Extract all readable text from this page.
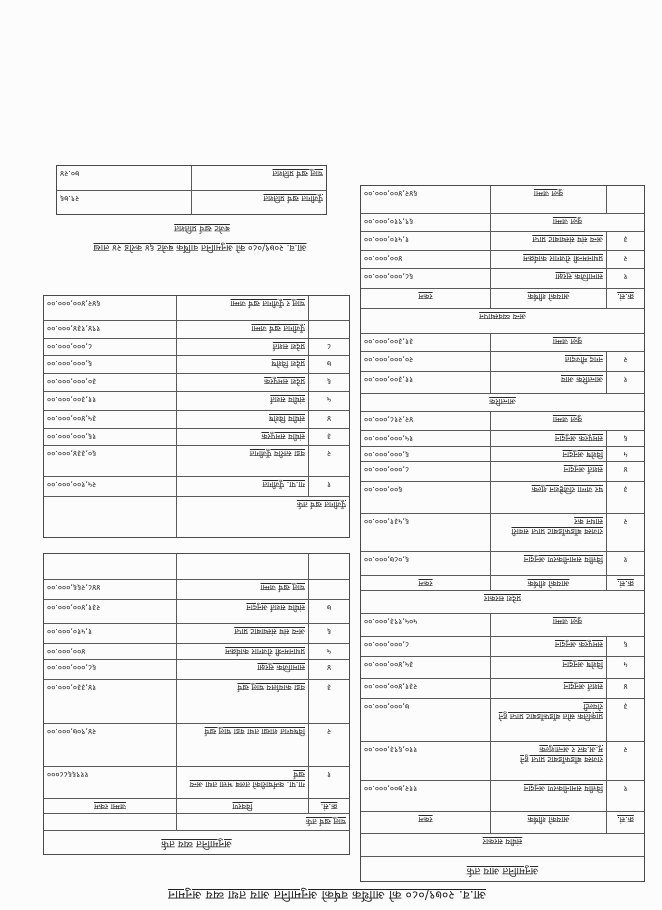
आ.व. २०७९/०८० को आर्थिक वर्षको अनुमानित आय तथा व्यय अनुमान
अनुमानित आय तर्फ
संघीय सरकार
क्र.सं.
आयको शीर्षक
रकम
१
वित्तीय समानीकरण अनुदान
११२,७००,०००.००
२
राजस्व बाँडफाँडबाट प्राप्त हुने मू.अ.कर र अन्तःशुल्क
११०,६९३,०००.००
३
प्राकृतिक स्रोत बाँडफाँडबाट प्राप्त हुने रोयल्टी
७,०००,०००.००
४
सशर्त अनुदान
२३१,४००,०००.००
५
विशेष अनुदान
३५,४००,०००.००
६
समपूरक अनुदान
८,०००,०००.००
कुल जम्मा
५०५,१९३,०००.००
प्रदेश सरकार
क्र.सं.
आयको शीर्षक
रकम
१
वित्तीय समानीकरण अनुदान
६,०८७,०००.००
२
राजस्व बाँडफाँडबाट प्राप्त सवारी साधन कर
६,५३१,०००.००
३
घर जग्गा रजिष्ट्रेशन शुल्क
६००,०००.००
४
सशर्त अनुदान
८,०००,०००.००
५
विशेष अनुदान
६,०००,०००.००
६
समपूरक अनुदान
१५,०००,०००.००
कुल जम्मा
४२,२१८,०००.००
आन्तरिक
१
आन्तरिक आय
११,३००,०००.००
२
नगद मौज्दात
२०,०००,०००.००
कुल जम्मा
३१,३००,०००.००
अन्य व्यवस्थापन
क्र.सं.
आयको शीर्षक
रकम
१
सामाजिक सुरक्षा
६८,०००,०००.००
२
प्रधानमन्त्री रोजगार कार्यक्रम
४००,०००.००
३
अन्य संघ संस्थाबाट प्राप्त
१,५१०,०००.००
कुल जम्मा
६९,९१०,०००.००
कुल जम्मा
६४२,४००,०००.००
अनुमानित व्यय तर्फ
चालु खर्च तर्फ
क्र.सं.
विवरण
जम्मा रकम
१
गा.पा. कर्मचारीको तलब भत्ता तथा अन्य खर्च
११९६६८८०००
२
विषयगत शाखा तथा वडा चालु खर्च
२४,९०७,०००.००
३
वडा कार्यालय चालु खर्च
१४,३३०,०००.००
४
सामाजिक सुरक्षा
६८,०००,०००.००
५
प्रधानमन्त्री रोजगार कार्यक्रम
४००,०००.००
६
अन्य संघ संस्थाबाट प्राप्त
१,५१०,०००.००
७
संघीय सशर्त अनुदान
२३१,४००,०००.००
चालु खर्च जम्मा
४४८,२६६,०००.००
पूँजीगत खर्च तर्फ
१
गा.पा. पूँजीगत
२५,१००,०००.००
२
वडा स्तरीय पूँजीगत
६०,३३४,०००.००
३
संघीय समपूरक
१६,०००,०००.००
४
संघीय विशेष
३५,४००,०००.००
५
संघीय सशर्त
११,३००,०००.००
६
प्रदेश समपूरक
३०,०००,०००.००
७
प्रदेश विशेष
६,०००,०००.००
८
प्रदेश सशर्त
८,०००,०००.००
पूँजीगत खर्च जम्मा
१९४,१३४,०००.००
चालु र पूँजीगत खर्च जम्मा
६४२,४००,०००.००
आ.व. २०७९/०८० को अनुमानित वार्षिक बजेट ६४ करोड २४ लाख
बजेट खर्च प्रतिशत
पूँजीगत खर्च प्रतिशत
२९.७६
चालु खर्च प्रतिशत
७०.२४
